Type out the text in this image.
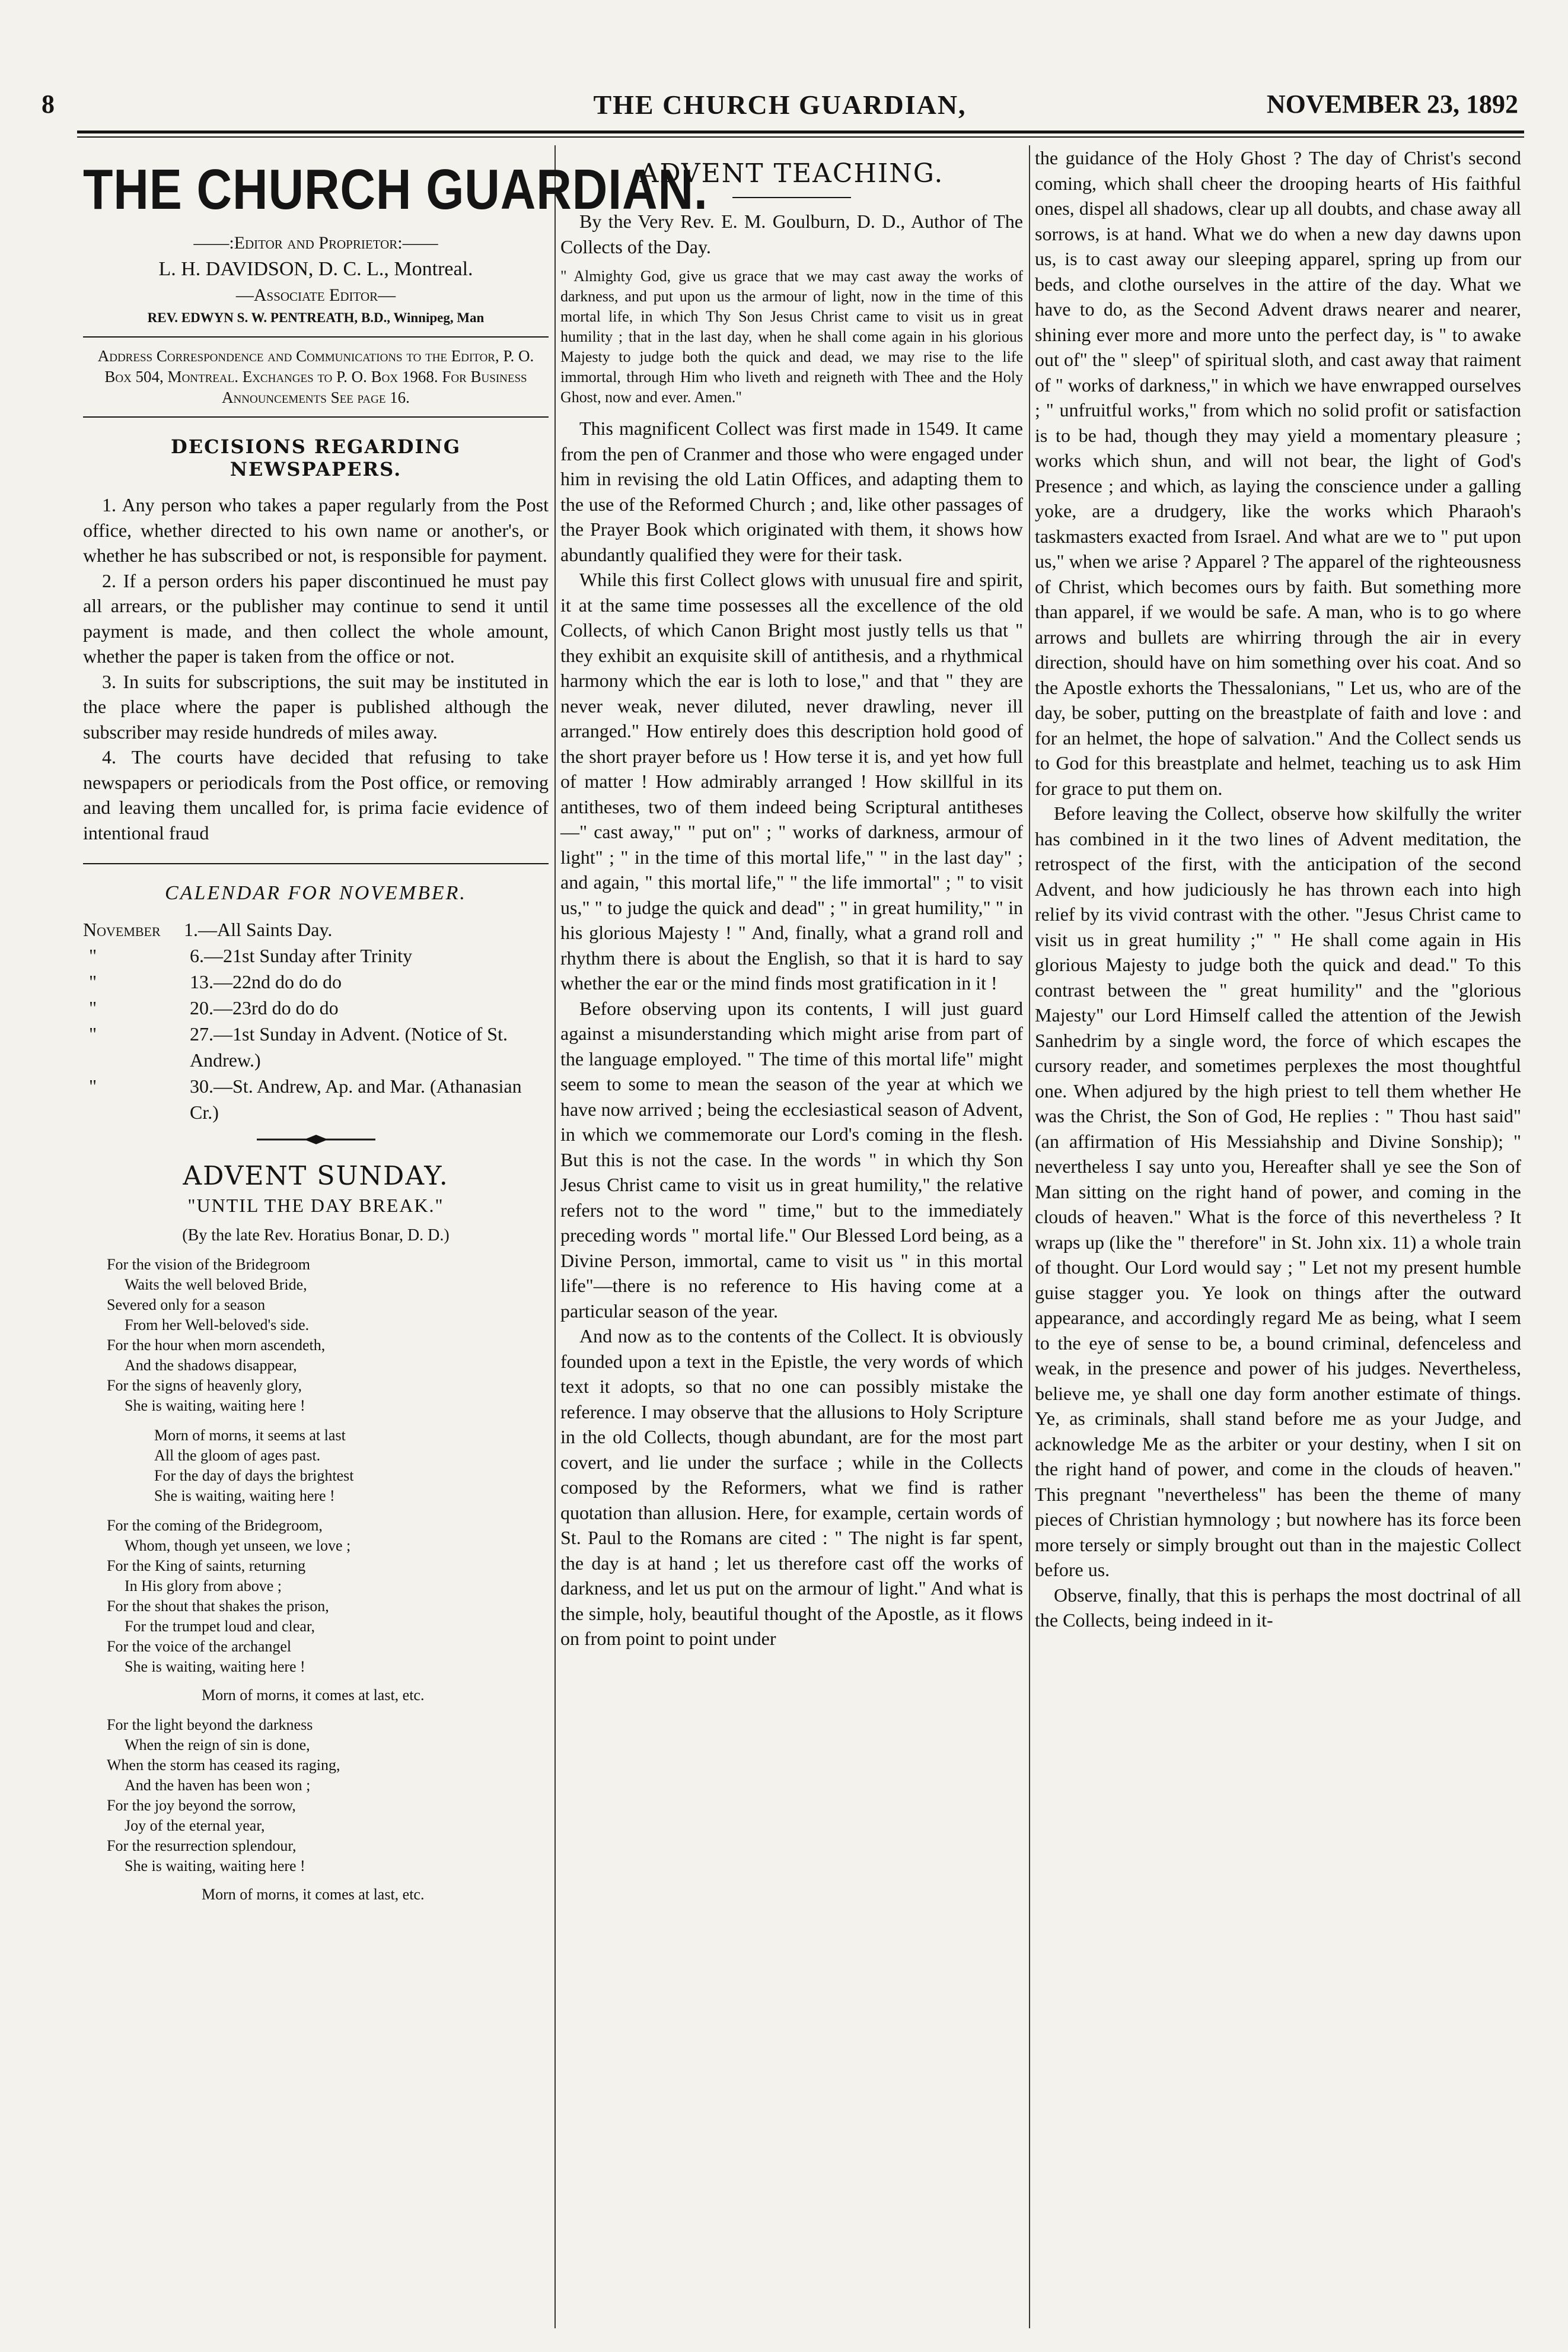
8	THE CHURCH GUARDIAN,	NOVEMBER 23, 1892
THE CHURCH GUARDIAN.
——:Editor and Proprietor:——
L. H. DAVIDSON, D. C. L., Montreal.
—Associate Editor—
REV. EDWYN S. W. PENTREATH, B.D., Winnipeg, Man

Address Correspondence and Communications to the Editor, P. O. Box 504, Montreal. Exchanges to P. O. Box 1968. For Business Announcements See page 16.

DECISIONS REGARDING NEWSPAPERS.

1. Any person who takes a paper regularly from the Post office, whether directed to his own name or another's, or whether he has subscribed or not, is responsible for payment.

2. If a person orders his paper discontinued he must pay all arrears, or the publisher may continue to send it until payment is made, and then collect the whole amount, whether the paper is taken from the office or not.

3. In suits for subscriptions, the suit may be instituted in the place where the paper is published although the subscriber may reside hundreds of miles away.

4. The courts have decided that refusing to take newspapers or periodicals from the Post office, or removing and leaving them uncalled for, is prima facie evidence of intentional fraud

CALENDAR FOR NOVEMBER.
November	1.—All Saints Day.
"	6.—21st Sunday after Trinity
"	13.—22nd do do do
"	20.—23rd do do do
"	27.—1st Sunday in Advent. (Notice of St. Andrew.)
"	30.—St. Andrew, Ap. and Mar. (Athanasian Cr.)
ADVENT SUNDAY.
"UNTIL THE DAY BREAK."
(By the late Rev. Horatius Bonar, D. D.)
For the vision of the Bridegroom
Waits the well beloved Bride,
Severed only for a season
From her Well-beloved's side.
For the hour when morn ascendeth,
And the shadows disappear,
For the signs of heavenly glory,
She is waiting, waiting here !
Morn of morns, it seems at last
All the gloom of ages past.
For the day of days the brightest
She is waiting, waiting here !
For the coming of the Bridegroom,
Whom, though yet unseen, we love ;
For the King of saints, returning
In His glory from above ;
For the shout that shakes the prison,
For the trumpet loud and clear,
For the voice of the archangel
She is waiting, waiting here !
Morn of morns, it comes at last, etc.
For the light beyond the darkness
When the reign of sin is done,
When the storm has ceased its raging,
And the haven has been won ;
For the joy beyond the sorrow,
Joy of the eternal year,
For the resurrection splendour,
She is waiting, waiting here !
Morn of morns, it comes at last, etc.
ADVENT TEACHING.

By the Very Rev. E. M. Goulburn, D. D., Author of The Collects of the Day.

" Almighty God, give us grace that we may cast away the works of darkness, and put upon us the armour of light, now in the time of this mortal life, in which Thy Son Jesus Christ came to visit us in great humility ; that in the last day, when he shall come again in his glorious Majesty to judge both the quick and dead, we may rise to the life immortal, through Him who liveth and reigneth with Thee and the Holy Ghost, now and ever. Amen."

This magnificent Collect was first made in 1549. It came from the pen of Cranmer and those who were engaged under him in revising the old Latin Offices, and adapting them to the use of the Reformed Church ; and, like other passages of the Prayer Book which originated with them, it shows how abundantly qualified they were for their task.

While this first Collect glows with unusual fire and spirit, it at the same time possesses all the excellence of the old Collects, of which Canon Bright most justly tells us that " they exhibit an exquisite skill of antithesis, and a rhythmical harmony which the ear is loth to lose," and that " they are never weak, never diluted, never drawling, never ill arranged." How entirely does this description hold good of the short prayer before us ! How terse it is, and yet how full of matter ! How admirably arranged ! How skillful in its antitheses, two of them indeed being Scriptural antitheses—" cast away," " put on" ; " works of darkness, armour of light" ; " in the time of this mortal life," " in the last day" ; and again, " this mortal life," " the life immortal" ; " to visit us," " to judge the quick and dead" ; " in great humility," " in his glorious Majesty ! " And, finally, what a grand roll and rhythm there is about the English, so that it is hard to say whether the ear or the mind finds most gratification in it !

Before observing upon its contents, I will just guard against a misunderstanding which might arise from part of the language employed. " The time of this mortal life" might seem to some to mean the season of the year at which we have now arrived ; being the ecclesiastical season of Advent, in which we commemorate our Lord's coming in the flesh. But this is not the case. In the words " in which thy Son Jesus Christ came to visit us in great humility," the relative refers not to the word " time," but to the immediately preceding words " mortal life." Our Blessed Lord being, as a Divine Person, immortal, came to visit us " in this mortal life"—there is no reference to His having come at a particular season of the year.

And now as to the contents of the Collect. It is obviously founded upon a text in the Epistle, the very words of which text it adopts, so that no one can possibly mistake the reference. I may observe that the allusions to Holy Scripture in the old Collects, though abundant, are for the most part covert, and lie under the surface ; while in the Collects composed by the Reformers, what we find is rather quotation than allusion. Here, for example, certain words of St. Paul to the Romans are cited : " The night is far spent, the day is at hand ; let us therefore cast off the works of darkness, and let us put on the armour of light." And what is the simple, holy, beautiful thought of the Apostle, as it flows on from point to point under

the guidance of the Holy Ghost ? The day of Christ's second coming, which shall cheer the drooping hearts of His faithful ones, dispel all shadows, clear up all doubts, and chase away all sorrows, is at hand. What we do when a new day dawns upon us, is to cast away our sleeping apparel, spring up from our beds, and clothe ourselves in the attire of the day. What we have to do, as the Second Advent draws nearer and nearer, shining ever more and more unto the perfect day, is " to awake out of" the " sleep" of spiritual sloth, and cast away that raiment of " works of darkness," in which we have enwrapped ourselves ; " unfruitful works," from which no solid profit or satisfaction is to be had, though they may yield a momentary pleasure ; works which shun, and will not bear, the light of God's Presence ; and which, as laying the conscience under a galling yoke, are a drudgery, like the works which Pharaoh's taskmasters exacted from Israel. And what are we to " put upon us," when we arise ? Apparel ? The apparel of the righteousness of Christ, which becomes ours by faith. But something more than apparel, if we would be safe. A man, who is to go where arrows and bullets are whirring through the air in every direction, should have on him something over his coat. And so the Apostle exhorts the Thessalonians, " Let us, who are of the day, be sober, putting on the breastplate of faith and love : and for an helmet, the hope of salvation." And the Collect sends us to God for this breastplate and helmet, teaching us to ask Him for grace to put them on.

Before leaving the Collect, observe how skilfully the writer has combined in it the two lines of Advent meditation, the retrospect of the first, with the anticipation of the second Advent, and how judiciously he has thrown each into high relief by its vivid contrast with the other. "Jesus Christ came to visit us in great humility ;" " He shall come again in His glorious Majesty to judge both the quick and dead." To this contrast between the " great humility" and the "glorious Majesty" our Lord Himself called the attention of the Jewish Sanhedrim by a single word, the force of which escapes the cursory reader, and sometimes perplexes the most thoughtful one. When adjured by the high priest to tell them whether He was the Christ, the Son of God, He replies : " Thou hast said" (an affirmation of His Messiahship and Divine Sonship); " nevertheless I say unto you, Hereafter shall ye see the Son of Man sitting on the right hand of power, and coming in the clouds of heaven." What is the force of this nevertheless ? It wraps up (like the " therefore" in St. John xix. 11) a whole train of thought. Our Lord would say ; " Let not my present humble guise stagger you. Ye look on things after the outward appearance, and accordingly regard Me as being, what I seem to the eye of sense to be, a bound criminal, defenceless and weak, in the presence and power of his judges. Nevertheless, believe me, ye shall one day form another estimate of things. Ye, as criminals, shall stand before me as your Judge, and acknowledge Me as the arbiter or your destiny, when I sit on the right hand of power, and come in the clouds of heaven." This pregnant "nevertheless" has been the theme of many pieces of Christian hymnology ; but nowhere has its force been more tersely or simply brought out than in the majestic Collect before us.

Observe, finally, that this is perhaps the most doctrinal of all the Collects, being indeed in it-
